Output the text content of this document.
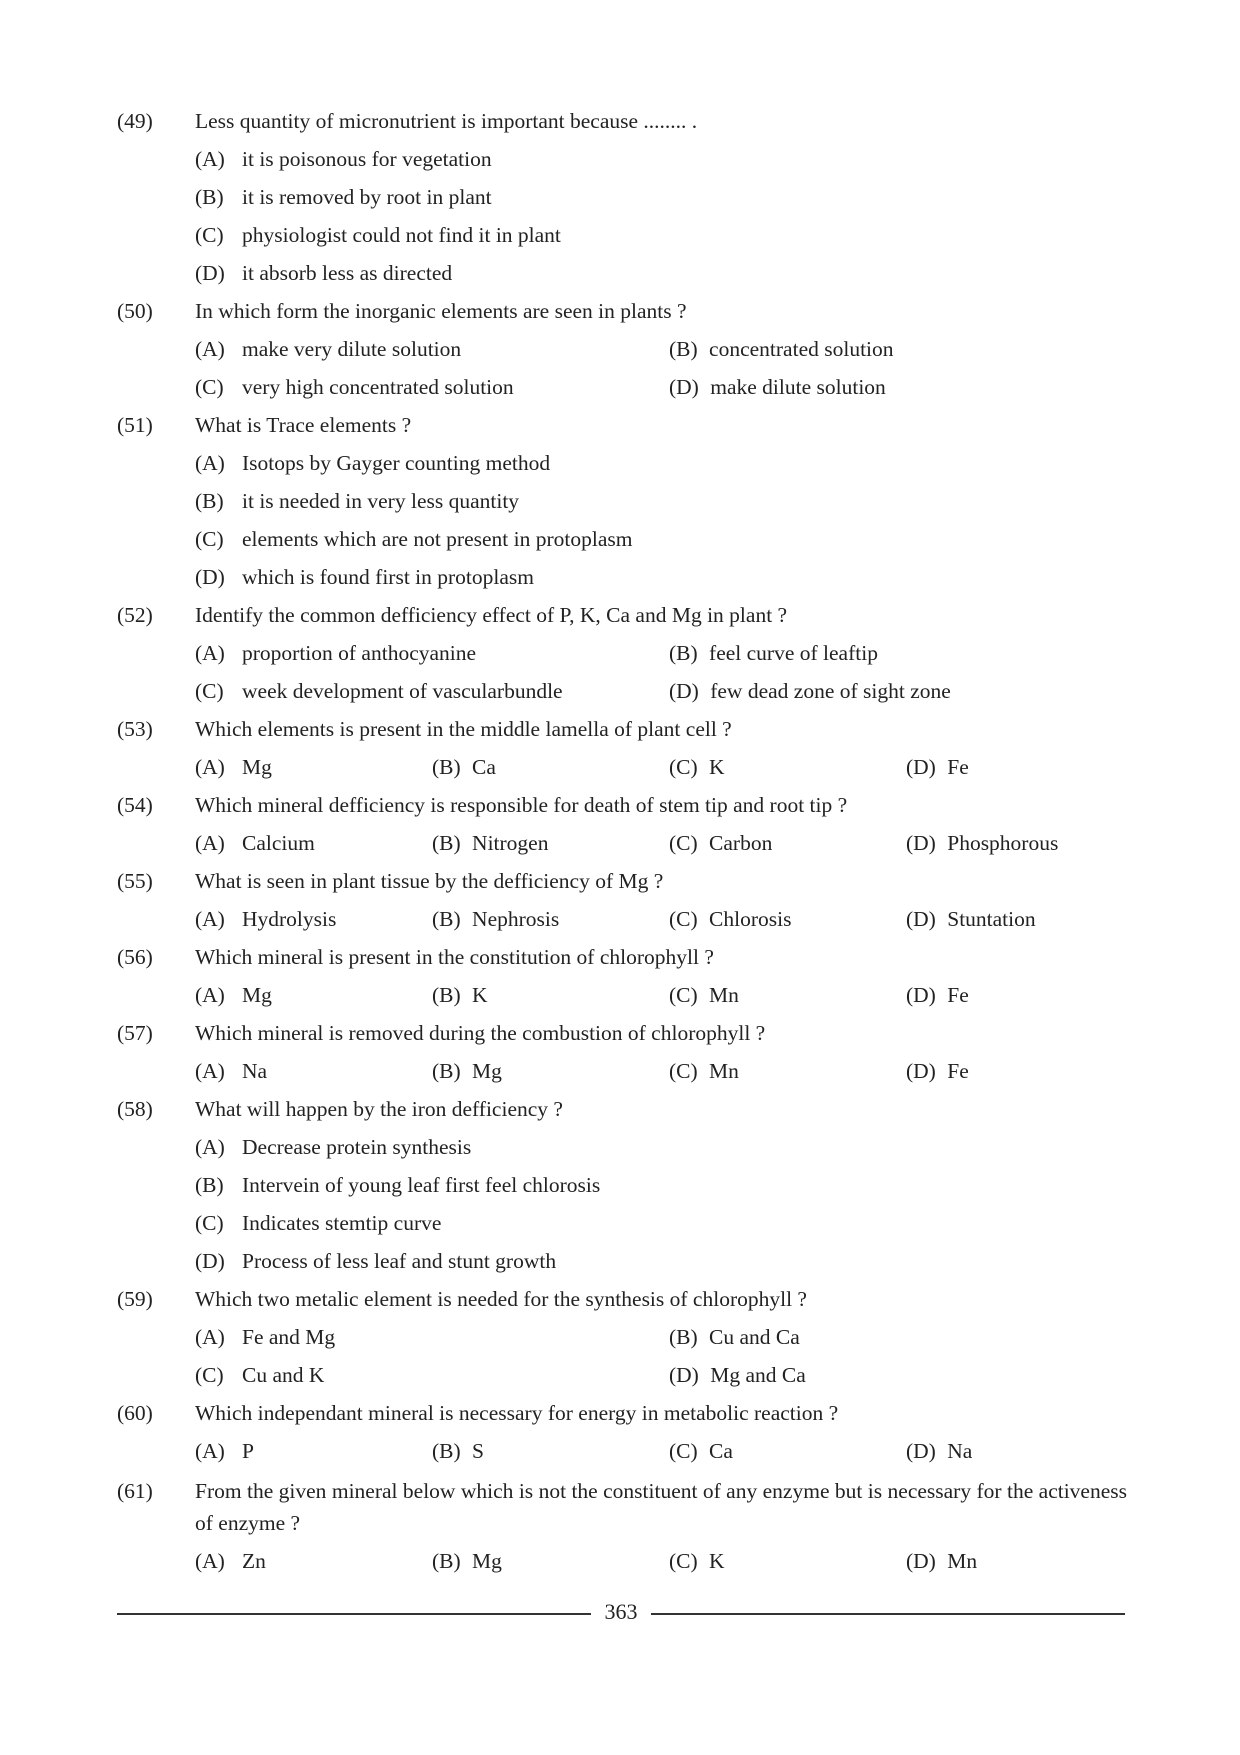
(49) Less quantity of micronutrient is important because ........ .
(A) it is poisonous for vegetation
(B) it is removed by root in plant
(C) physiologist could not find it in plant
(D) it absorb less as directed
(50) In which form the inorganic elements are seen in plants ?
(A) make very dilute solution	(B) concentrated solution
(C) very high concentrated solution	(D) make dilute solution
(51) What is Trace elements ?
(A) Isotops by Gayger counting method
(B) it is needed in very less quantity
(C) elements which are not present in protoplasm
(D) which is found first in protoplasm
(52) Identify the common defficiency effect of P, K, Ca and Mg in plant ?
(A) proportion of anthocyanine	(B) feel curve of leaftip
(C) week development of vascularbundle	(D) few dead zone of sight zone
(53) Which elements is present in the middle lamella of plant cell ?
(A) Mg	(B) Ca	(C) K	(D) Fe
(54) Which mineral defficiency is responsible for death of stem tip and root tip ?
(A) Calcium	(B) Nitrogen	(C) Carbon	(D) Phosphorous
(55) What is seen in plant tissue by the defficiency of Mg ?
(A) Hydrolysis	(B) Nephrosis	(C) Chlorosis	(D) Stuntation
(56) Which mineral is present in the constitution of chlorophyll ?
(A) Mg	(B) K	(C) Mn	(D) Fe
(57) Which mineral is removed during the combustion of chlorophyll ?
(A) Na	(B) Mg	(C) Mn	(D) Fe
(58) What will happen by the iron defficiency ?
(A) Decrease protein synthesis
(B) Intervein of young leaf first feel chlorosis
(C) Indicates stemtip curve
(D) Process of less leaf and stunt growth
(59) Which two metalic element is needed for the synthesis of chlorophyll ?
(A) Fe and Mg	(B) Cu and Ca
(C) Cu and K	(D) Mg and Ca
(60) Which independant mineral is necessary for energy in metabolic reaction ?
(A) P	(B) S	(C) Ca	(D) Na
(61) From the given mineral below which is not the constituent of any enzyme but is necessary for the activeness of enzyme ?
(A) Zn	(B) Mg	(C) K	(D) Mn
363
